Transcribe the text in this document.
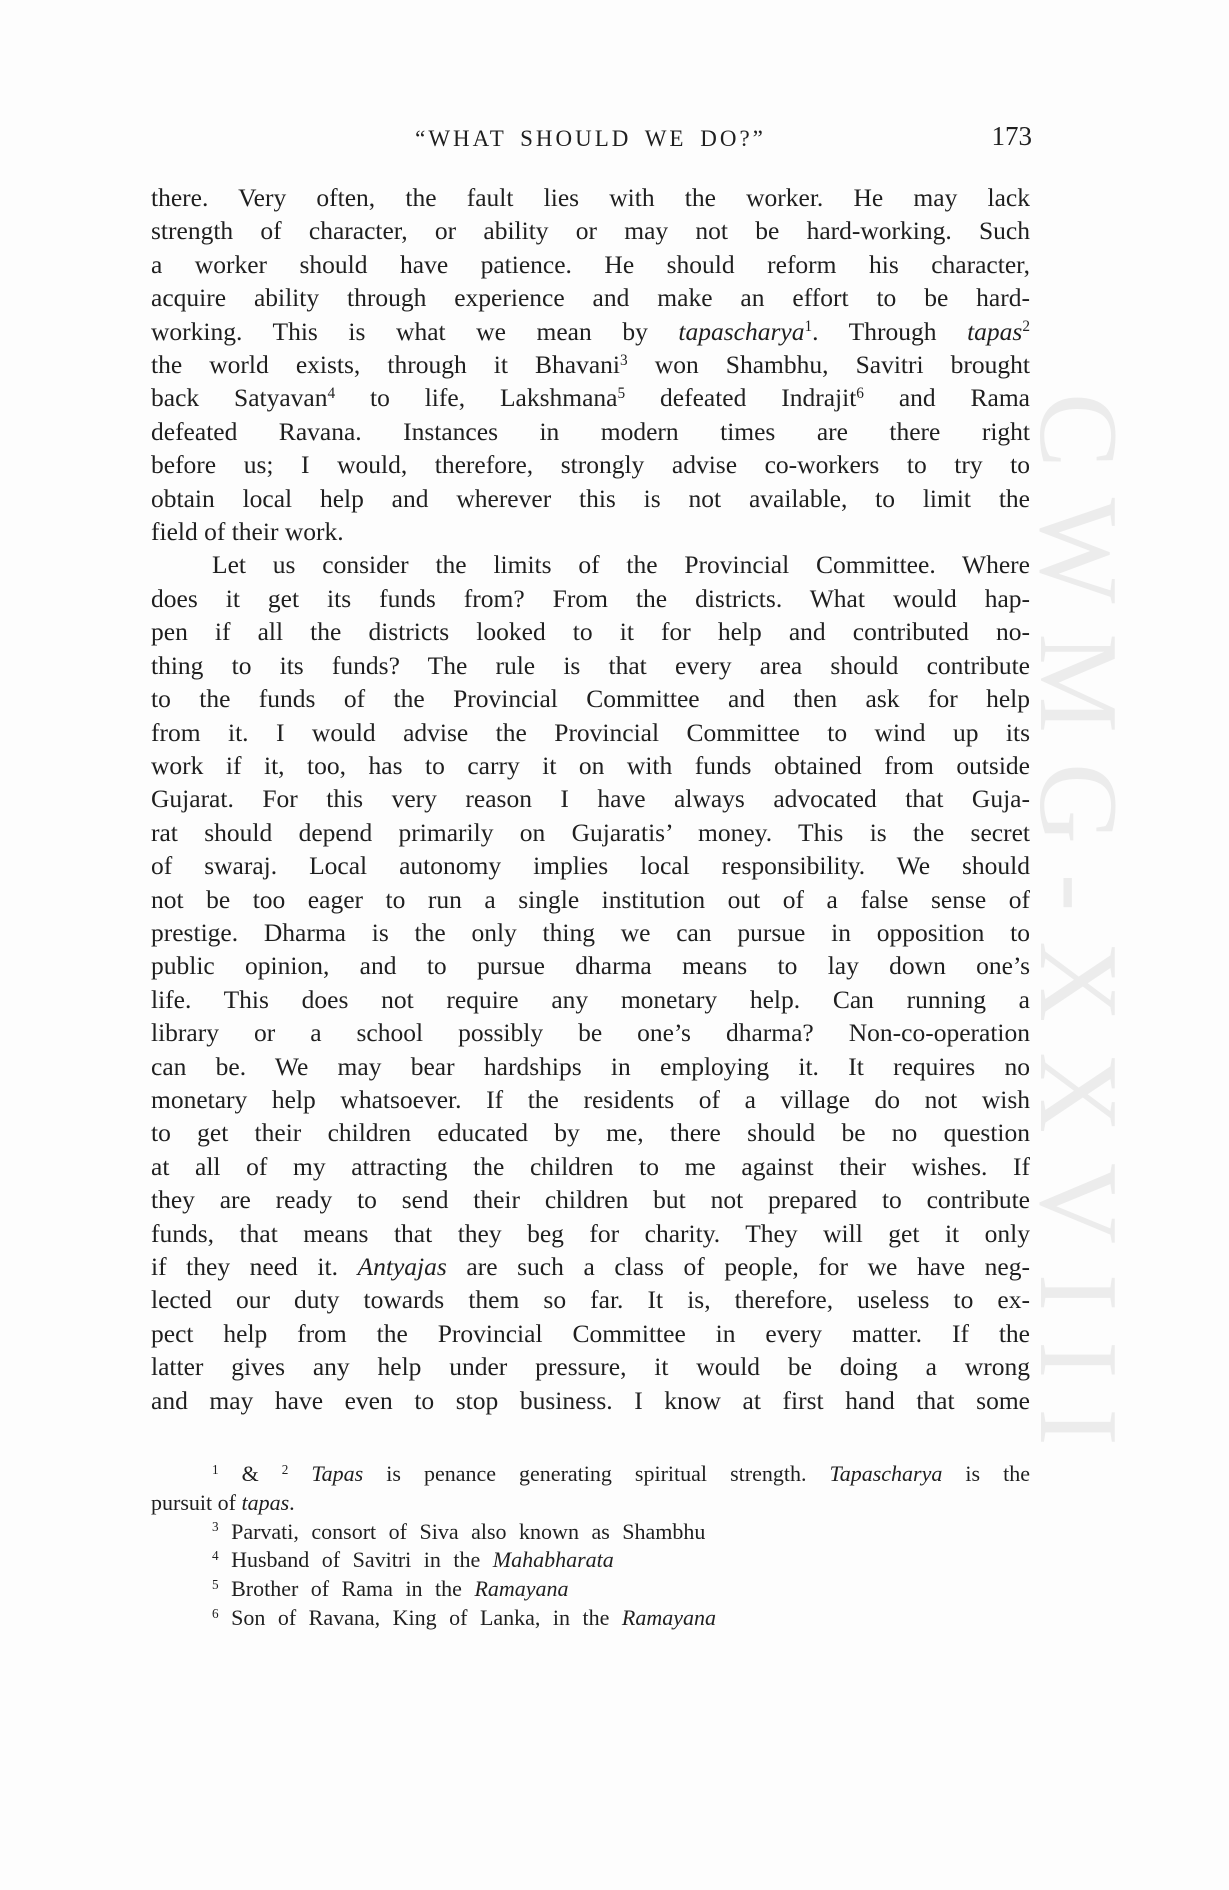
CWMG-XXVIII
“WHAT SHOULD WE DO?”	173
there. Very often, the fault lies with the worker. He may lack
strength of character, or ability or may not be hard-working. Such
a worker should have patience. He should reform his character,
acquire ability through experience and make an effort to be hard-
working. This is what we mean by tapascharya$^1$. Through tapas$^2$
the world exists, through it Bhavani$^3$ won Shambhu, Savitri brought
back Satyavan$^4$ to life, Lakshmana$^5$ defeated Indrajit$^6$ and Rama
defeated Ravana. Instances in modern times are there right
before us; I would, therefore, strongly advise co-workers to try to
obtain local help and wherever this is not available, to limit the
field of their work.
Let us consider the limits of the Provincial Committee. Where
does it get its funds from? From the districts. What would hap-
pen if all the districts looked to it for help and contributed no-
thing to its funds? The rule is that every area should contribute
to the funds of the Provincial Committee and then ask for help
from it. I would advise the Provincial Committee to wind up its
work if it, too, has to carry it on with funds obtained from outside
Gujarat. For this very reason I have always advocated that Guja-
rat should depend primarily on Gujaratis’ money. This is the secret
of swaraj. Local autonomy implies local responsibility. We should
not be too eager to run a single institution out of a false sense of
prestige. Dharma is the only thing we can pursue in opposition to
public opinion, and to pursue dharma means to lay down one’s
life. This does not require any monetary help. Can running a
library or a school possibly be one’s dharma? Non-co-operation
can be. We may bear hardships in employing it. It requires no
monetary help whatsoever. If the residents of a village do not wish
to get their children educated by me, there should be no question
at all of my attracting the children to me against their wishes. If
they are ready to send their children but not prepared to contribute
funds, that means that they beg for charity. They will get it only
if they need it. Antyajas are such a class of people, for we have neg-
lected our duty towards them so far. It is, therefore, useless to ex-
pect help from the Provincial Committee in every matter. If the
latter gives any help under pressure, it would be doing a wrong
and may have even to stop business. I know at first hand that some
$^1$ & $^2$ Tapas is penance generating spiritual strength. Tapascharya is the
pursuit of tapas.
$^3$ Parvati, consort of Siva also known as Shambhu
$^4$ Husband of Savitri in the Mahabharata
$^5$ Brother of Rama in the Ramayana
$^6$ Son of Ravana, King of Lanka, in the Ramayana
